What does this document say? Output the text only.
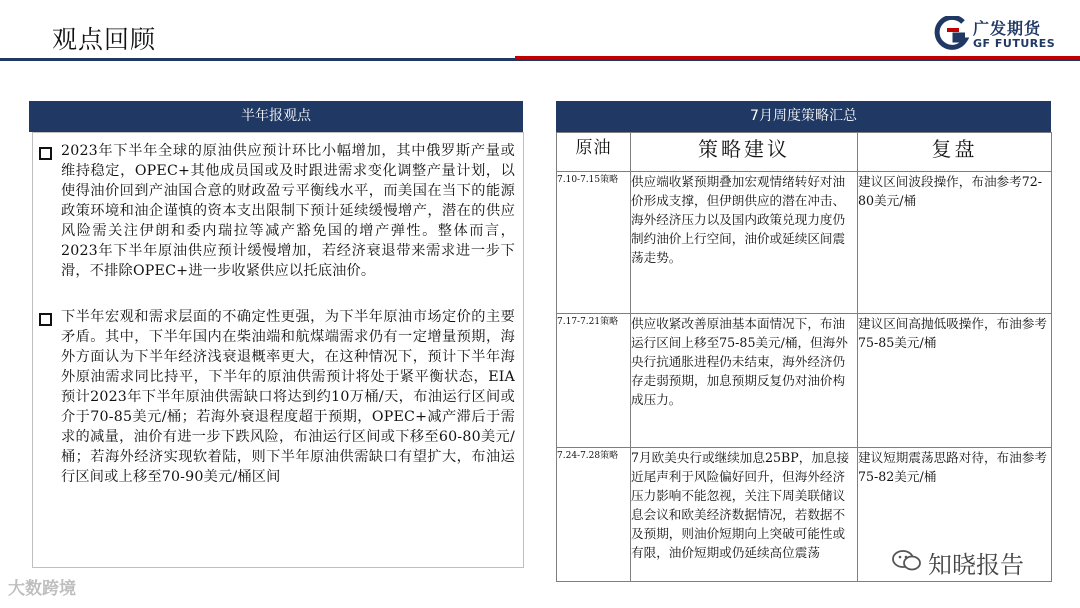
观点回顾	广发期货
GF FUTURES
半年报观点
2023年下半年全球的原油供应预计环比小幅增加，其中俄罗斯产量或维持稳定，OPEC+其他成员国或及时跟进需求变化调整产量计划，以使得油价回到产油国合意的财政盈亏平衡线水平，而美国在当下的能源政策环境和油企谨慎的资本支出限制下预计延续缓慢增产，潜在的供应风险需关注伊朗和委内瑞拉等减产豁免国的增产弹性。整体而言，2023年下半年原油供应预计缓慢增加，若经济衰退带来需求进一步下滑，不排除OPEC+进一步收紧供应以托底油价。
下半年宏观和需求层面的不确定性更强，为下半年原油市场定价的主要矛盾。其中，下半年国内在柴油端和航煤端需求仍有一定增量预期，海外方面认为下半年经济浅衰退概率更大，在这种情况下，预计下半年海外原油需求同比持平，下半年的原油供需预计将处于紧平衡状态，EIA预计2023年下半年原油供需缺口将达到约10万桶/天，布油运行区间或介于70-85美元/桶；若海外衰退程度超于预期，OPEC+减产滞后于需求的减量，油价有进一步下跌风险，布油运行区间或下移至60-80美元/桶；若海外经济实现软着陆，则下半年原油供需缺口有望扩大，布油运行区间或上移至70-90美元/桶区间
7月周度策略汇总
原油	策略建议	复盘
7.10-7.15策略	供应端收紧预期叠加宏观情绪转好对油价形成支撑，但伊朗供应的潜在冲击、海外经济压力以及国内政策兑现力度仍制约油价上行空间，油价或延续区间震荡走势。	建议区间波段操作，布油参考72-80美元/桶
7.17-7.21策略	供应收紧改善原油基本面情况下，布油运行区间上移至75-85美元/桶，但海外央行抗通胀进程仍未结束，海外经济仍存走弱预期，加息预期反复仍对油价构成压力。	建议区间高抛低吸操作，布油参考75-85美元/桶
7.24-7.28策略	7月欧美央行或继续加息25BP，加息接近尾声利于风险偏好回升，但海外经济压力影响不能忽视，关注下周美联储议息会议和欧美经济数据情况，若数据不及预期，则油价短期向上突破可能性或有限，油价短期或仍延续高位震荡	建议短期震荡思路对待，布油参考75-82美元/桶
大数跨境
知晓报告
